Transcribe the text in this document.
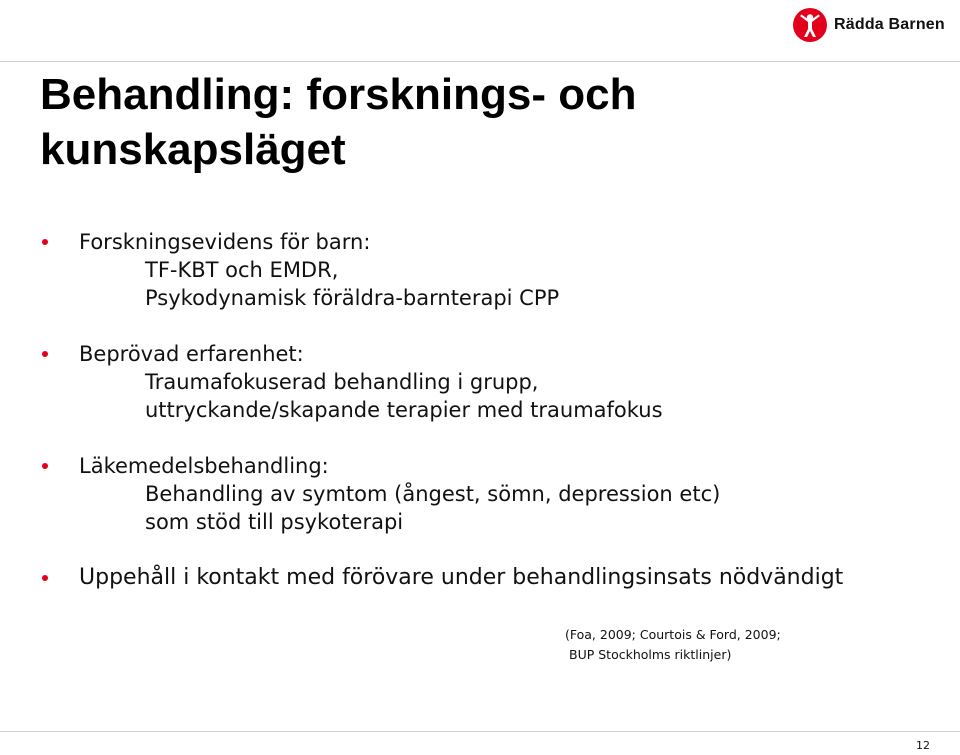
Rädda Barnen
Behandling: forsknings- och
kunskapsläget
Forskningsevidens för barn:
TF-KBT och EMDR,
Psykodynamisk föräldra-barnterapi CPP
Beprövad erfarenhet:
Traumafokuserad behandling i grupp,
uttryckande/skapande terapier med traumafokus
Läkemedelsbehandling:
Behandling av symtom (ångest, sömn, depression etc)
som stöd till psykoterapi
Uppehåll i kontakt med förövare under behandlingsinsats nödvändigt
(Foa, 2009; Courtois & Ford, 2009;
BUP Stockholms riktlinjer)
12
